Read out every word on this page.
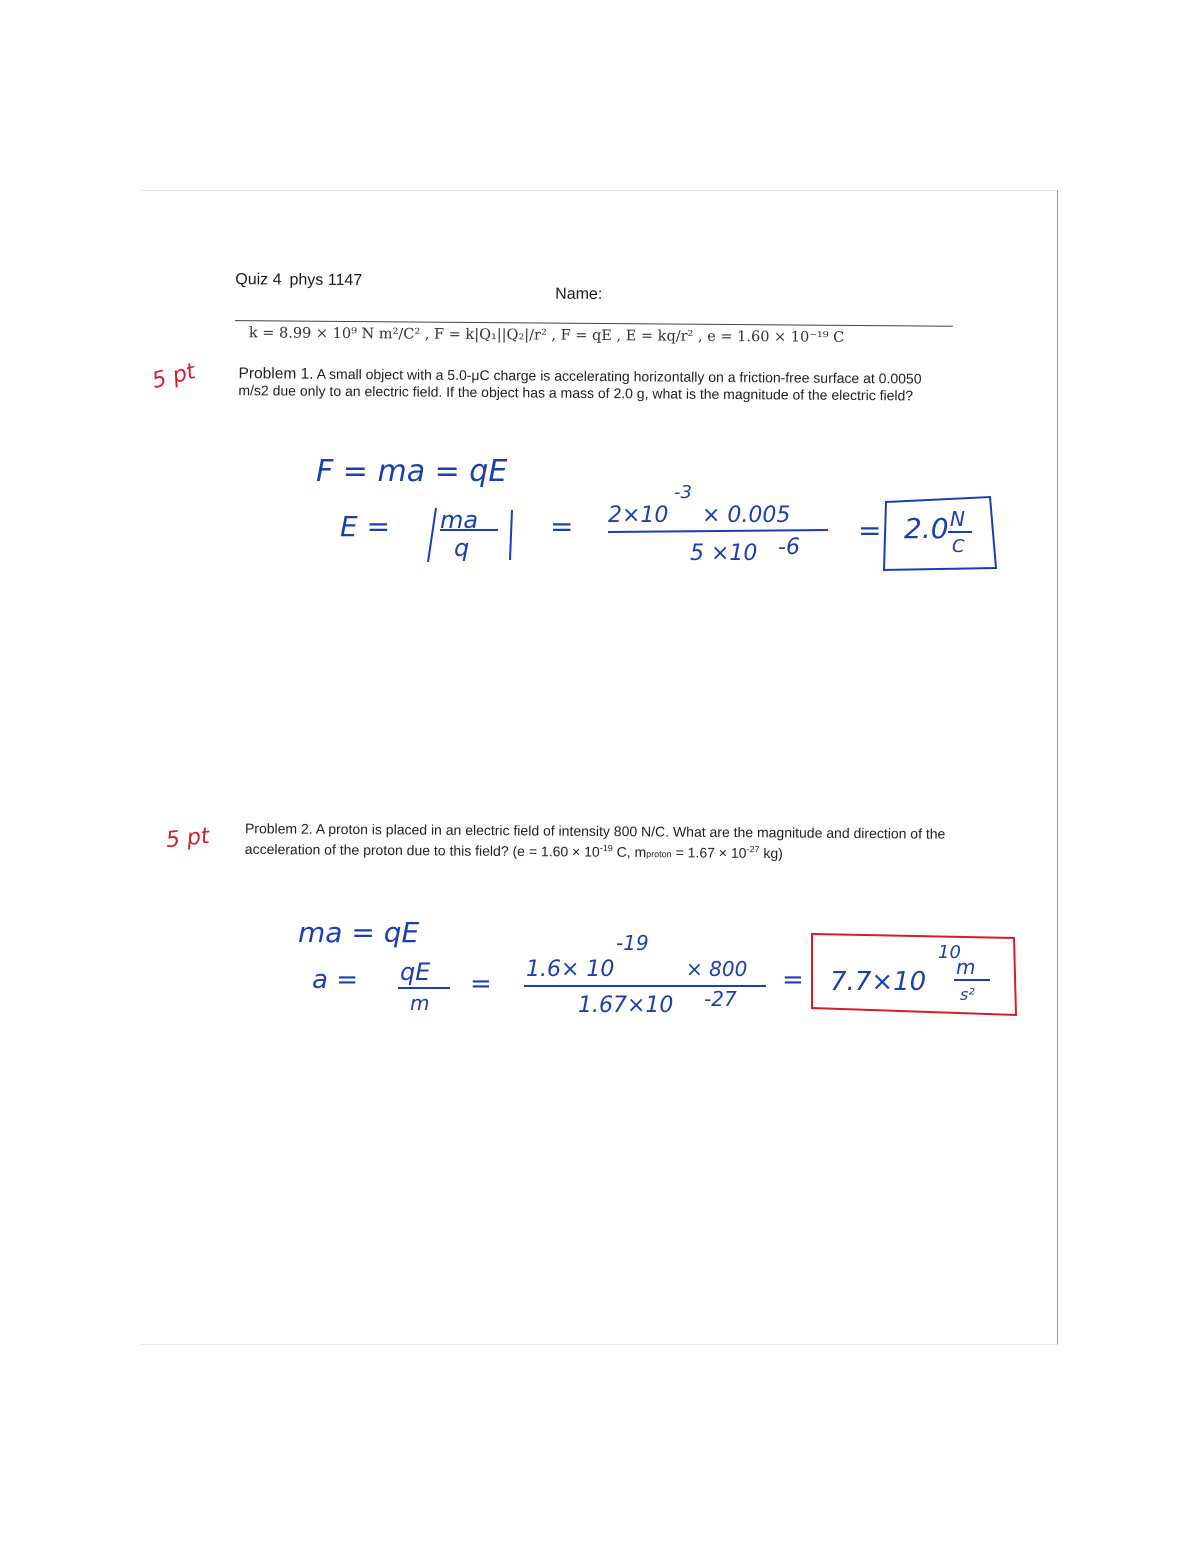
Quiz 4 phys 1147
Name:
k = 8.99 × 10⁹ N m²/C² , F = k|Q₁||Q₂|/r² , F = qE , E = kq/r² , e = 1.60 × 10⁻¹⁹ C
Problem 1. A small object with a 5.0-μC charge is accelerating horizontally on a friction-free surface at 0.0050 m/s2 due only to an electric field. If the object has a mass of 2.0 g, what is the magnitude of the electric field?
Problem 2. A proton is placed in an electric field of intensity 800 N/C. What are the magnitude and direction of the acceleration of the proton due to this field? ($e = 1.60 \times 10^{-19}$ C, mproton = $1.67 \times 10^{-27}$ kg)
5 pt
5 pt
F = ma = qE
E = ma
q
= 2×10
-3
× 0.005
5 ×10 -6
= 2.0 N
C
ma = qE
a = qE
m
= 1.6× 10
-19
× 800
1.67×10 -27
= 7.7×10
10
m
s²
